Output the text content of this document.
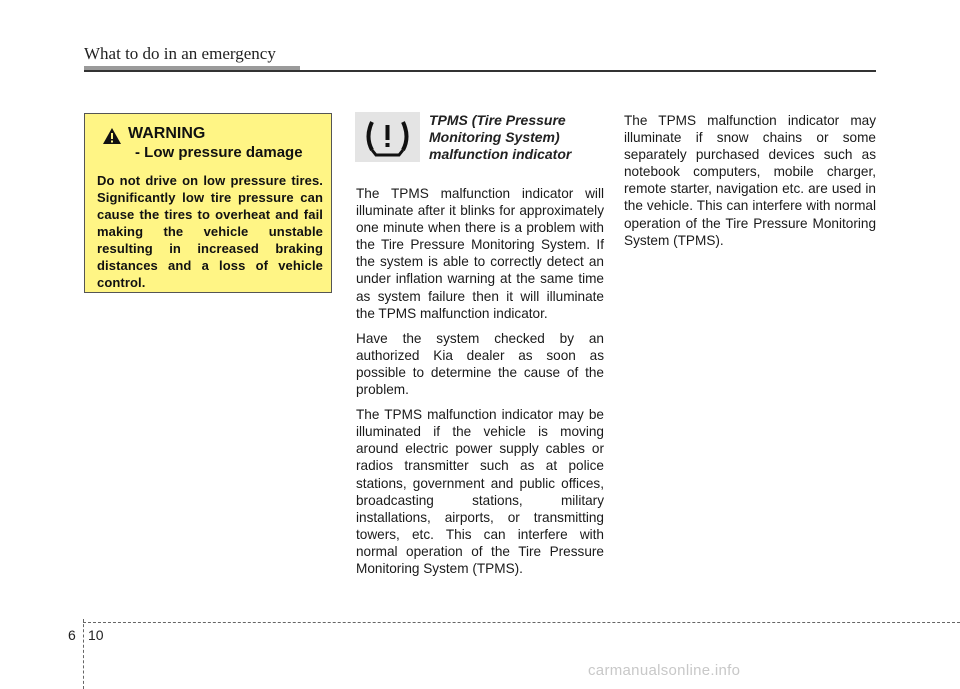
What to do in an emergency
WARNING
- Low pressure damage
Do not drive on low pressure tires. Significantly low tire pressure can cause the tires to overheat and fail making the vehicle unstable resulting in increased braking distances and a loss of vehicle control.
TPMS (Tire Pressure Monitoring System) malfunction indicator

The TPMS malfunction indicator will illuminate after it blinks for approximately one minute when there is a problem with the Tire Pressure Monitoring System. If the system is able to correctly detect an under inflation warning at the same time as system failure then it will illuminate the TPMS malfunction indicator.

Have the system checked by an authorized Kia dealer as soon as possible to determine the cause of the problem.

The TPMS malfunction indicator may be illuminated if the vehicle is moving around electric power supply cables or radios transmitter such as at police stations, government and public offices, broadcasting stations, military installations, airports, or transmitting towers, etc. This can interfere with normal operation of the Tire Pressure Monitoring System (TPMS).

The TPMS malfunction indicator may illuminate if snow chains or some separately purchased devices such as notebook computers, mobile charger, remote starter, navigation etc. are used in the vehicle. This can interfere with normal operation of the Tire Pressure Monitoring System (TPMS).

6 10
carmanualsonline.info
